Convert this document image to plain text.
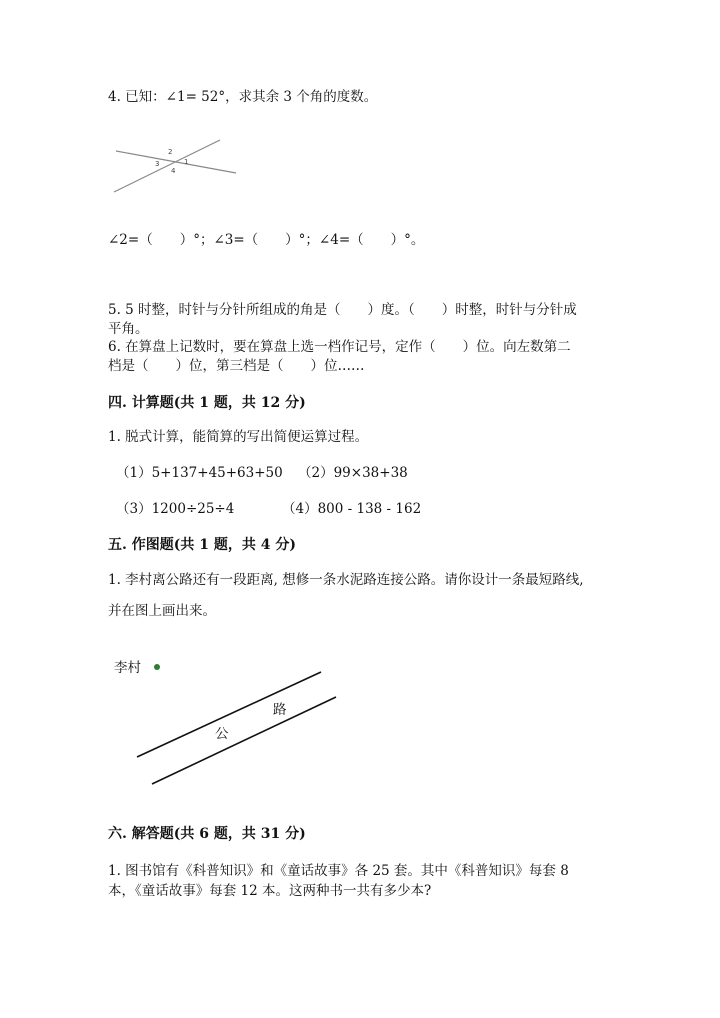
4. 已知：∠1= 52°，求其余 3 个角的度数。
2
3	1
4
∠2=（　　）°；∠3=（　　）°；∠4=（　　）°。
5. 5 时整，时针与分针所组成的角是（　　）度。（　　）时整，时针与分针成
平角。
6. 在算盘上记数时，要在算盘上选一档作记号，定作（　　）位。向左数第二
档是（　　）位，第三档是（　　）位……
四. 计算题(共 1 题，共 12 分)
1. 脱式计算，能简算的写出简便运算过程。
（1）5+137+45+63+50 （2）99×38+38
（3）1200÷25÷4	（4）800 - 138 - 162
五. 作图题(共 1 题，共 4 分)
1. 李村离公路还有一段距离, 想修一条水泥路连接公路。请你设计一条最短路线,
并在图上画出来。
李村
公
路
六. 解答题(共 6 题，共 31 分)
1. 图书馆有《科普知识》和《童话故事》各 25 套。其中《科普知识》每套 8
本，《童话故事》每套 12 本。这两种书一共有多少本?
